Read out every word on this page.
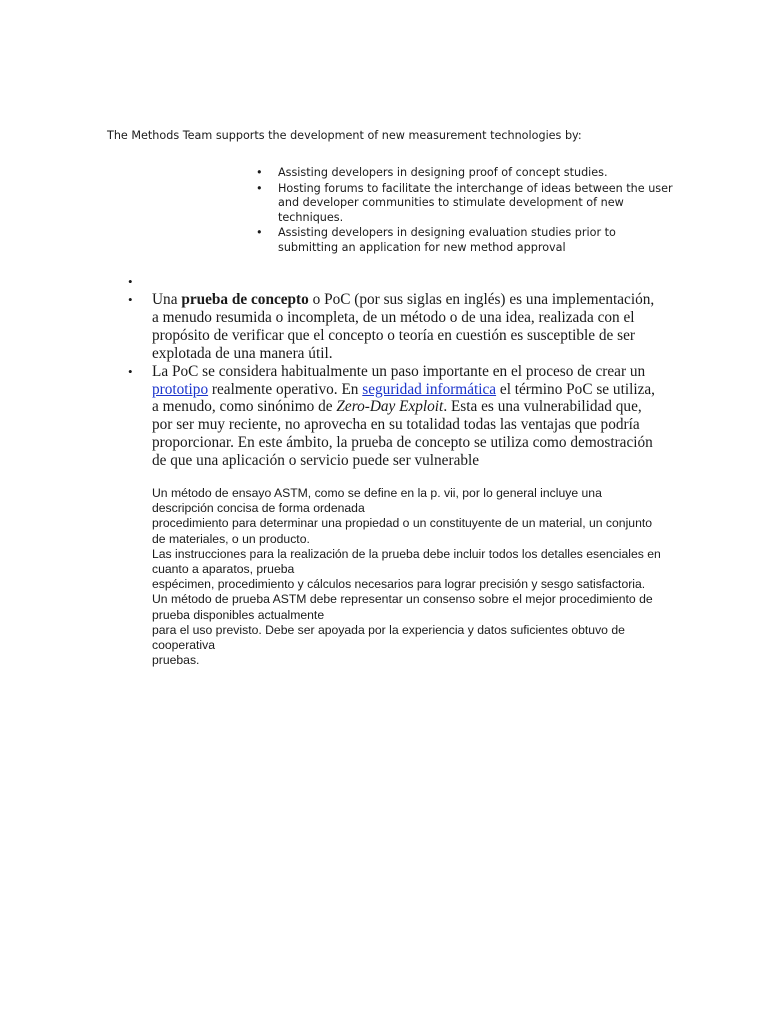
The Methods Team supports the development of new measurement technologies by:

• Assisting developers in designing proof of concept studies.
• Hosting forums to facilitate the interchange of ideas between the user and developer communities to stimulate development of new techniques.
• Assisting developers in designing evaluation studies prior to submitting an application for new method approval
•
• Una prueba de concepto o PoC (por sus siglas en inglés) es una implementación, a menudo resumida o incompleta, de un método o de una idea, realizada con el propósito de verificar que el concepto o teoría en cuestión es susceptible de ser explotada de una manera útil.
• La PoC se considera habitualmente un paso importante en el proceso de crear un prototipo realmente operativo. En seguridad informática el término PoC se utiliza, a menudo, como sinónimo de Zero-Day Exploit. Esta es una vulnerabilidad que, por ser muy reciente, no aprovecha en su totalidad todas las ventajas que podría proporcionar. En este ámbito, la prueba de concepto se utiliza como demostración de que una aplicación o servicio puede ser vulnerable
Un método de ensayo ASTM, como se define en la p. vii, por lo general incluye una descripción concisa de forma ordenada
procedimiento para determinar una propiedad o un constituyente de un material, un conjunto de materiales, o un producto.
Las instrucciones para la realización de la prueba debe incluir todos los detalles esenciales en cuanto a aparatos, prueba
espécimen, procedimiento y cálculos necesarios para lograr precisión y sesgo satisfactoria.
Un método de prueba ASTM debe representar un consenso sobre el mejor procedimiento de prueba disponibles actualmente
para el uso previsto. Debe ser apoyada por la experiencia y datos suficientes obtuvo de cooperativa
pruebas.
